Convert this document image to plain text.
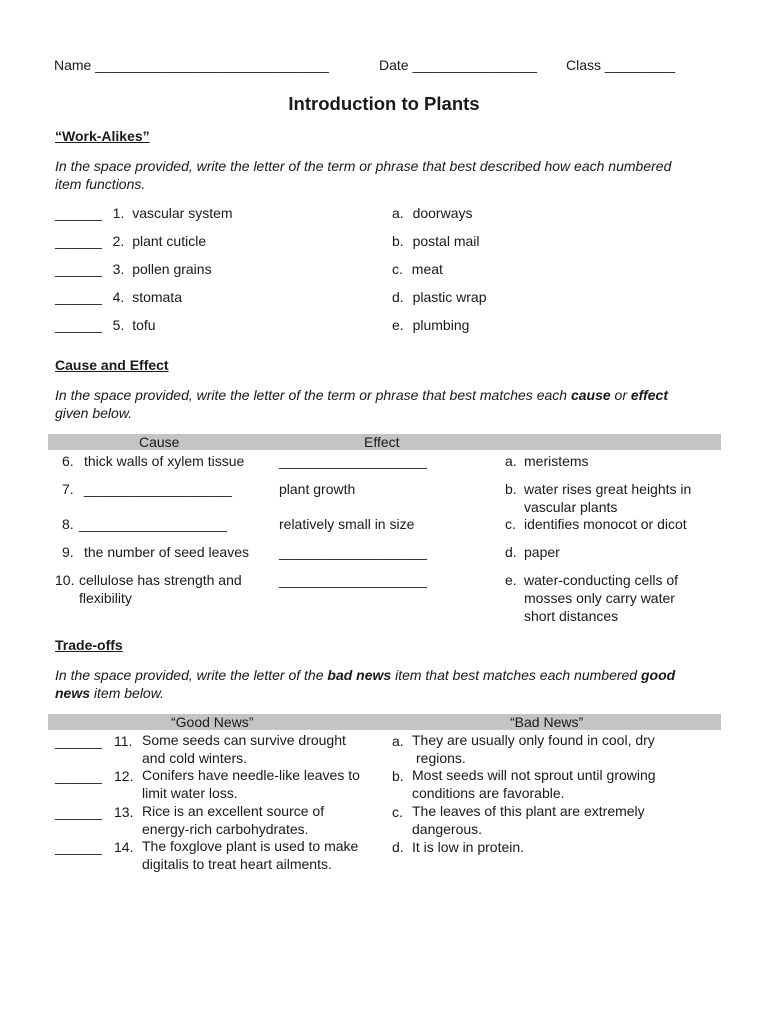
Name ______________________________	Date ________________ Class _________
Introduction to Plants
“Work-Alikes”
In the space provided, write the letter of the term or phrase that best described how each numbered item functions.
______ 1. vascular system
______ 2. plant cuticle
______ 3. pollen grains
______ 4. stomata
______ 5. tofu
a. doorways
b. postal mail
c. meat
d. plastic wrap
e. plumbing
Cause and Effect
In the space provided, write the letter of the term or phrase that best matches each cause or effect given below.
Cause	Effect
6. thick walls of xylem tissue ___________________	a. meristems
7. ___________________	plant growth	b. water rises great heights in
vascular plants
8. ___________________	relatively small in size	c. identifies monocot or dicot
9. the number of seed leaves ___________________	d. paper
10. cellulose has strength and
flexibility
___________________	e. water-conducting cells of
mosses only carry water
short distances
Trade-offs
In the space provided, write the letter of the bad news item that best matches each numbered good news item below.
“Good News”	“Bad News”
______ 11. Some seeds can survive drought
and cold winters.
a. They are usually only found in cool, dry
regions.
______ 12. Conifers have needle-like leaves to
limit water loss.
b. Most seeds will not sprout until growing
conditions are favorable.
______ 13. Rice is an excellent source of
energy-rich carbohydrates.
c. The leaves of this plant are extremely
dangerous.
______ 14. The foxglove plant is used to make
digitalis to treat heart ailments.
d. It is low in protein.
